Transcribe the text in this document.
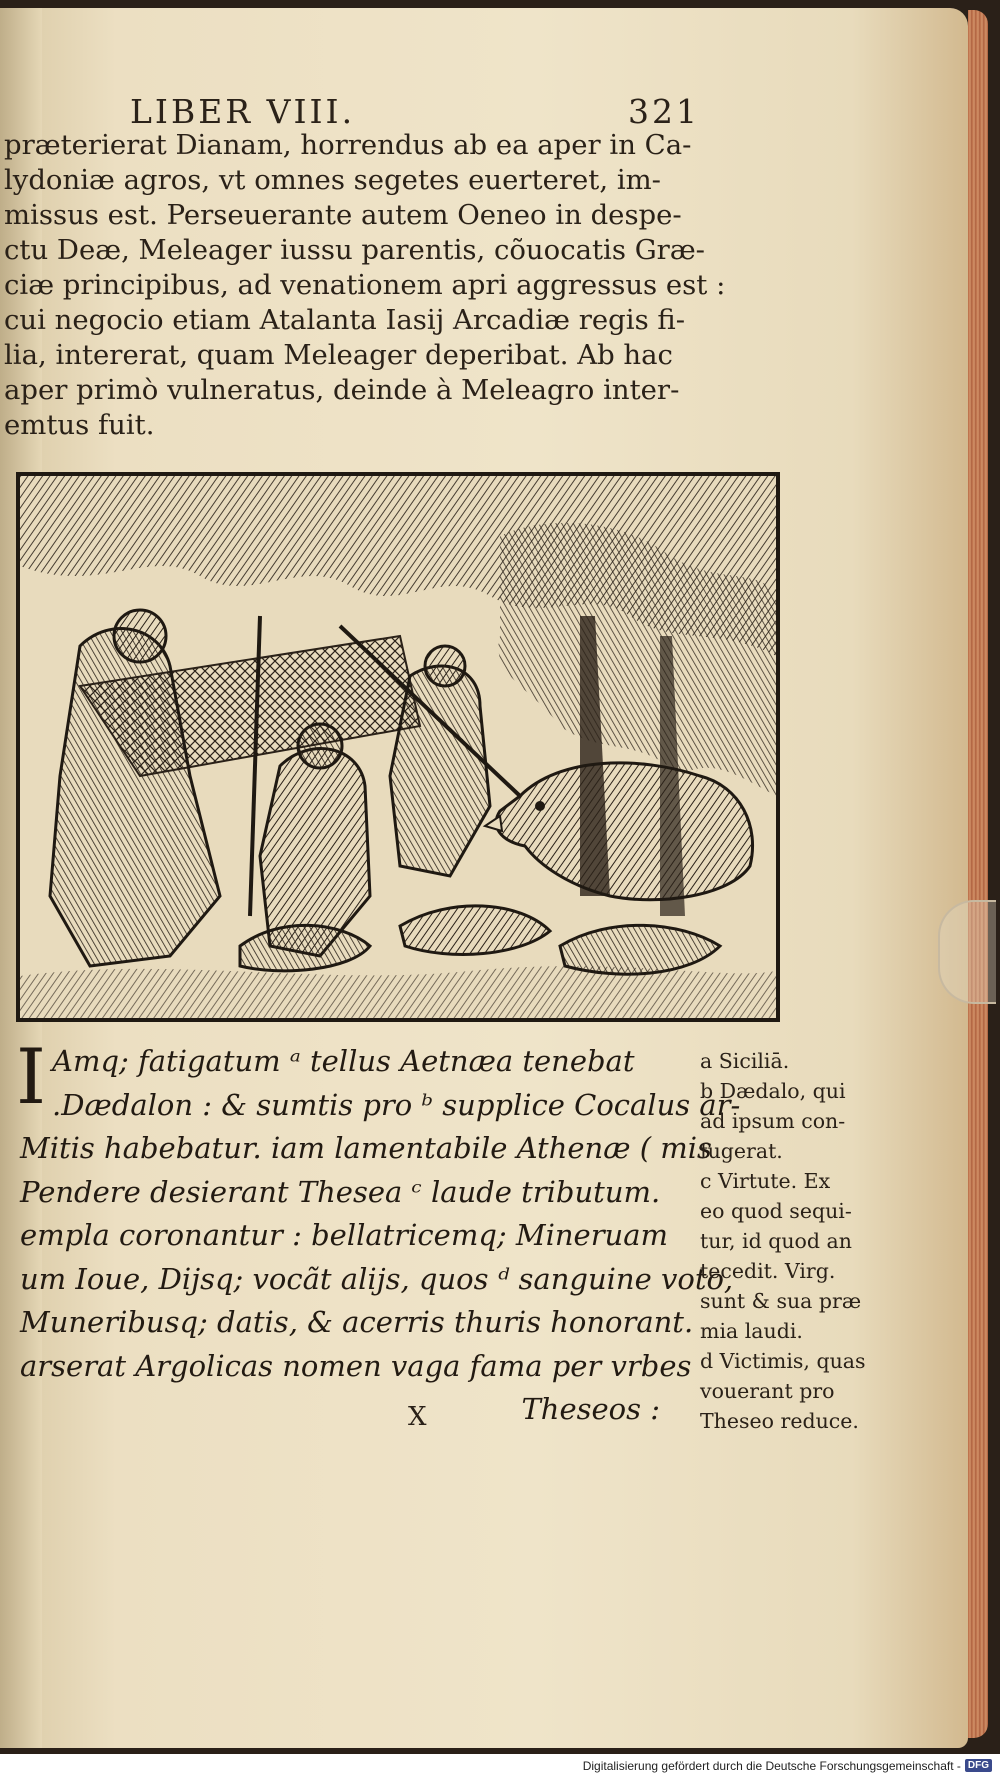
LIBER VIII.	321

præterierat Dianam, horrendus ab ea aper in Ca-

lydoniæ agros, vt omnes segetes euerteret, im-

missus est. Perseuerante autem Oeneo in despe-

ctu Deæ, Meleager iussu parentis, cõuocatis Græ-

ciæ principibus, ad venationem apri aggressus est :

cui negocio etiam Atalanta Iasij Arcadiæ regis fi-

lia, intererat, quam Meleager deperibat. Ab hac

aper primò vulneratus, deinde à Meleagro inter-

emtus fuit.

I Amq; fatigatum ᵃ tellus Aetnæa tenebat
.Dædalon : & sumtis pro ᵇ supplice Cocalus ar-
Mitis habebatur. iam lamentabile Athenæ ( mis
Pendere desierant Thesea ᶜ laude tributum.
empla coronantur : bellatricemq; Mineruam
um Ioue, Dijsq; vocãt alijs, quos ᵈ sanguine voto,
Muneribusq; datis, & acerris thuris honorant.
arserat Argolicas nomen vaga fama per vrbes
Theseos :
X
a Siciliā.
b Dædalo, qui
ad ipsum con-
fugerat.
c Virtute. Ex
eo quod sequi-
tur, id quod an
tecedit. Virg.
sunt & sua præ
mia laudi.
d Victimis, quas
vouerant pro
Theseo reduce.
Digitalisierung gefördert durch die Deutsche Forschungsgemeinschaft - DFG
